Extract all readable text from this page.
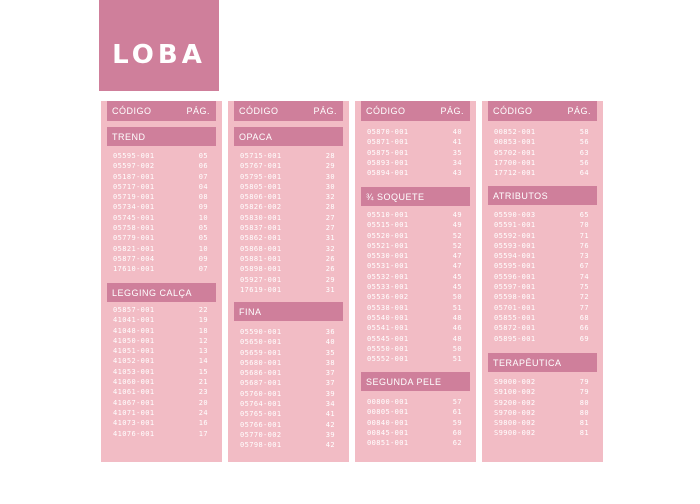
LOBA
CÓDIGO	PÁG.
TREND
05595-001	05
05597-002	06
05187-001	07
05717-001	04
05719-001	08
05734-001	09
05745-001	10
05758-001	05
05779-001	05
05821-001	10
05877-004	09
17610-001	07
LEGGING CALÇA
05857-001	22
41041-001	19
41048-001	18
41050-001	12
41051-001	13
41052-001	14
41053-001	15
41060-001	21
41061-001	23
41067-001	20
41071-001	24
41073-001	16
41076-001	17
CÓDIGO	PÁG.
OPACA
05715-001	28
05767-001	29
05795-001	30
05805-001	30
05806-001	32
05826-002	28
05830-001	27
05837-001	27
05862-001	31
05868-001	32
05881-001	26
05898-001	26
05927-001	29
17619-001	31
FINA
05590-001	36
05650-001	40
05659-001	35
05680-001	38
05686-001	37
05687-001	37
05760-001	39
05764-001	34
05765-001	41
05766-001	42
05770-002	39
05798-001	42
CÓDIGO	PÁG.
05870-001	40
05871-001	41
05875-001	35
05893-001	34
05894-001	43
¾ SOQUETE
05510-001	49
05515-001	49
05520-001	52
05521-001	52
05530-001	47
05531-001	47
05532-001	45
05533-001	45
05536-002	50
05538-001	51
05540-001	48
05541-001	46
05545-001	48
05550-001	50
05552-001	51
SEGUNDA PELE
00800-001	57
00805-001	61
00840-001	59
00845-001	60
00851-001	62
CÓDIGO	PÁG.
00852-001	58
00853-001	56
05702-001	63
17700-001	56
17712-001	64
ATRIBUTOS
05590-003	65
05591-001	70
05592-001	71
05593-001	76
05594-001	73
05595-001	67
05596-001	74
05597-001	75
05598-001	72
05701-001	77
05855-001	68
05872-001	66
05895-001	69
TERAPÊUTICA
S9000-002	79
S9100-002	79
S9200-002	80
S9700-002	80
S9800-002	81
S9900-002	81
